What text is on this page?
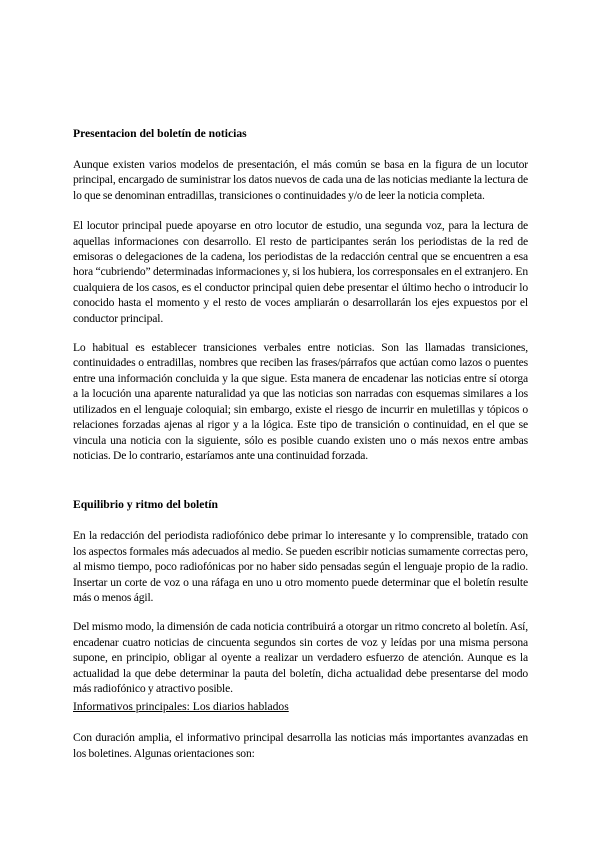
Presentacion del boletín de noticias

Aunque existen varios modelos de presentación, el más común se basa en la figura de un locutor principal, encargado de suministrar los datos nuevos de cada una de las noticias mediante la lectura de lo que se denominan entradillas, transiciones o continuidades y/o de leer la noticia completa.

El locutor principal puede apoyarse en otro locutor de estudio, una segunda voz, para la lectura de aquellas informaciones con desarrollo. El resto de participantes serán los periodistas de la red de emisoras o delegaciones de la cadena, los periodistas de la redacción central que se encuentren a esa hora “cubriendo” determinadas informaciones y, si los hubiera, los corresponsales en el extranjero. En cualquiera de los casos, es el conductor principal quien debe presentar el último hecho o introducir lo conocido hasta el momento y el resto de voces ampliarán o desarrollarán los ejes expuestos por el conductor principal.

Lo habitual es establecer transiciones verbales entre noticias. Son las llamadas transiciones, continuidades o entradillas, nombres que reciben las frases/párrafos que actúan como lazos o puentes entre una información concluida y la que sigue. Esta manera de encadenar las noticias entre sí otorga a la locución una aparente naturalidad ya que las noticias son narradas con esquemas similares a los utilizados en el lenguaje coloquial; sin embargo, existe el riesgo de incurrir en muletillas y tópicos o relaciones forzadas ajenas al rigor y a la lógica. Este tipo de transición o continuidad, en el que se vincula una noticia con la siguiente, sólo es posible cuando existen uno o más nexos entre ambas noticias. De lo contrario, estaríamos ante una continuidad forzada.

Equilibrio y ritmo del boletín

En la redacción del periodista radiofónico debe primar lo interesante y lo comprensible, tratado con los aspectos formales más adecuados al medio. Se pueden escribir noticias sumamente correctas pero, al mismo tiempo, poco radiofónicas por no haber sido pensadas según el lenguaje propio de la radio. Insertar un corte de voz o una ráfaga en uno u otro momento puede determinar que el boletín resulte más o menos ágil.

Del mismo modo, la dimensión de cada noticia contribuirá a otorgar un ritmo concreto al boletín. Así, encadenar cuatro noticias de cincuenta segundos sin cortes de voz y leídas por una misma persona supone, en principio, obligar al oyente a realizar un verdadero esfuerzo de atención. Aunque es la actualidad la que debe determinar la pauta del boletín, dicha actualidad debe presentarse del modo más radiofónico y atractivo posible.

Informativos principales: Los diarios hablados

Con duración amplia, el informativo principal desarrolla las noticias más importantes avanzadas en los boletines. Algunas orientaciones son:
